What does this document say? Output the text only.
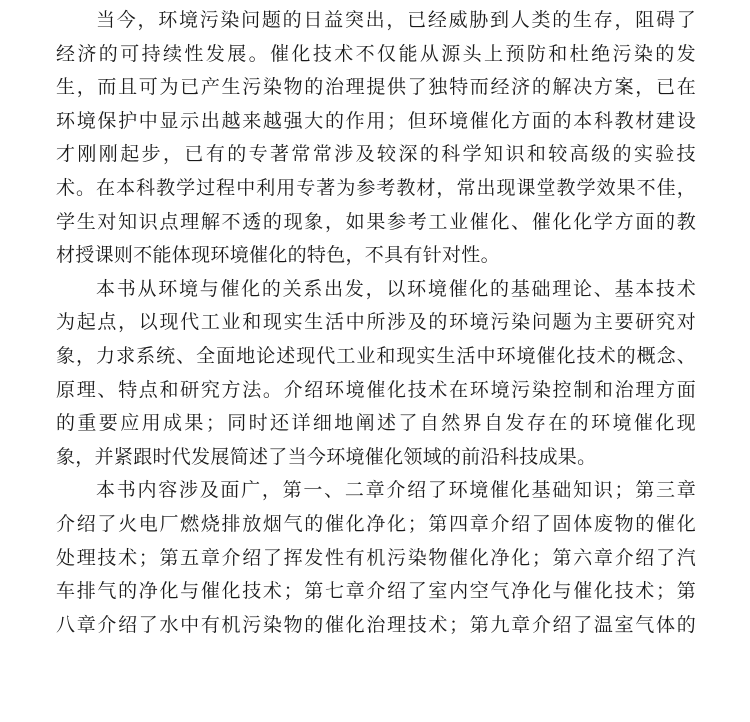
当今，环境污染问题的日益突出，已经威胁到人类的生存，阻碍了
经济的可持续性发展。催化技术不仅能从源头上预防和杜绝污染的发
生，而且可为已产生污染物的治理提供了独特而经济的解决方案，已在
环境保护中显示出越来越强大的作用；但环境催化方面的本科教材建设
才刚刚起步，已有的专著常常涉及较深的科学知识和较高级的实验技
术。在本科教学过程中利用专著为参考教材，常出现课堂教学效果不佳，
学生对知识点理解不透的现象，如果参考工业催化、催化化学方面的教
材授课则不能体现环境催化的特色，不具有针对性。

本书从环境与催化的关系出发，以环境催化的基础理论、基本技术
为起点，以现代工业和现实生活中所涉及的环境污染问题为主要研究对
象，力求系统、全面地论述现代工业和现实生活中环境催化技术的概念、
原理、特点和研究方法。介绍环境催化技术在环境污染控制和治理方面
的重要应用成果；同时还详细地阐述了自然界自发存在的环境催化现
象，并紧跟时代发展简述了当今环境催化领域的前沿科技成果。

本书内容涉及面广，第一、二章介绍了环境催化基础知识；第三章
介绍了火电厂燃烧排放烟气的催化净化；第四章介绍了固体废物的催化
处理技术；第五章介绍了挥发性有机污染物催化净化；第六章介绍了汽
车排气的净化与催化技术；第七章介绍了室内空气净化与催化技术；第
八章介绍了水中有机污染物的催化治理技术；第九章介绍了温室气体的
